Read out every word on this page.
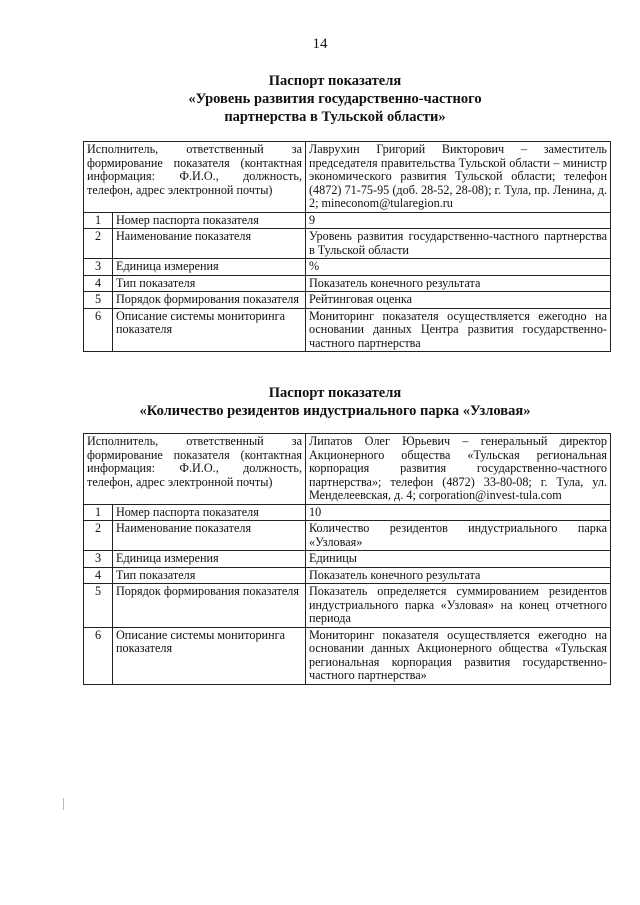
14
Паспорт показателя
«Уровень развития государственно-частного
партнерства в Тульской области»
Исполнитель, ответственный за формирование показателя (контактная информация: Ф.И.О., должность, телефон, адрес электронной почты)		Лаврухин Григорий Викторович – заместитель председателя правительства Тульской области – министр экономического развития Тульской области; телефон (4872) 71-75-95 (доб. 28-52, 28-08); г. Тула, пр. Ленина, д. 2; mineconom@tularegion.ru
1	Номер паспорта показателя	9
2	Наименование показателя	Уровень развития государственно-частного партнерства в Тульской области
3	Единица измерения	%
4	Тип показателя	Показатель конечного результата
5	Порядок формирования показателя	Рейтинговая оценка
6	Описание системы мониторинга показателя	Мониторинг показателя осуществляется ежегодно на основании данных Центра развития государственно-частного партнерства
Паспорт показателя
«Количество резидентов индустриального парка «Узловая»
Исполнитель, ответственный за формирование показателя (контактная информация: Ф.И.О., должность, телефон, адрес электронной почты)		Липатов Олег Юрьевич – генеральный директор Акционерного общества «Тульская региональная корпорация развития государственно-частного партнерства»; телефон (4872) 33-80-08; г. Тула, ул. Менделеевская, д. 4; corporation@invest-tula.com
1	Номер паспорта показателя	10
2	Наименование показателя	Количество резидентов индустриального парка «Узловая»
3	Единица измерения	Единицы
4	Тип показателя	Показатель конечного результата
5	Порядок формирования показателя	Показатель определяется суммированием резидентов индустриального парка «Узловая» на конец отчетного периода
6	Описание системы мониторинга показателя	Мониторинг показателя осуществляется ежегодно на основании данных Акционерного общества «Тульская региональная корпорация развития государственно-частного партнерства»
